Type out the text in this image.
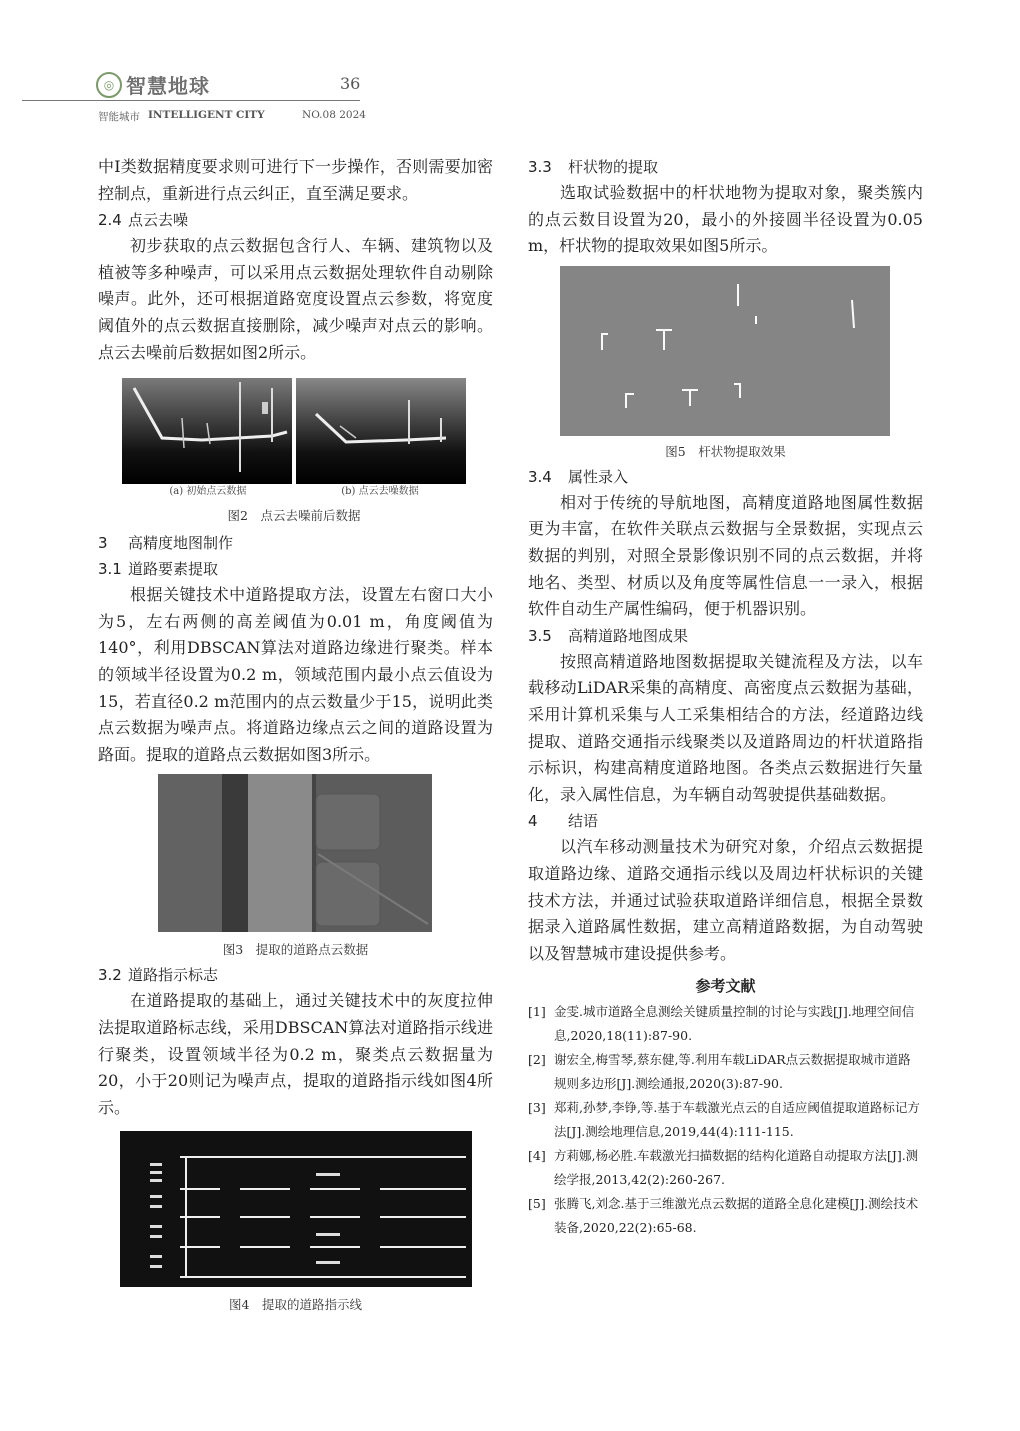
◎ 智慧地球	36
智能城市 INTELLIGENT CITY	NO.08 2024

中Ⅰ类数据精度要求则可进行下一步操作，否则需要加密控制点，重新进行点云纠正，直至满足要求。

2.4 点云去噪

初步获取的点云数据包含行人、车辆、建筑物以及植被等多种噪声，可以采用点云数据处理软件自动剔除噪声。此外，还可根据道路宽度设置点云参数，将宽度阈值外的点云数据直接删除，减少噪声对点云的影响。点云去噪前后数据如图2所示。

(a) 初始点云数据	(b) 点云去噪数据
图2　点云去噪前后数据
3 高精度地图制作
3.1 道路要素提取

根据关键技术中道路提取方法，设置左右窗口大小为5，左右两侧的高差阈值为0.01 m，角度阈值为140°，利用DBSCAN算法对道路边缘进行聚类。样本的领域半径设置为0.2 m，领域范围内最小点云值设为15，若直径0.2 m范围内的点云数量少于15，说明此类点云数据为噪声点。将道路边缘点云之间的道路设置为路面。提取的道路点云数据如图3所示。

图3　提取的道路点云数据
3.2 道路指示标志

在道路提取的基础上，通过关键技术中的灰度拉伸法提取道路标志线，采用DBSCAN算法对道路指示线进行聚类，设置领域半径为0.2 m，聚类点云数据量为20，小于20则记为噪声点，提取的道路指示线如图4所示。

图4　提取的道路指示线
3.3 杆状物的提取

选取试验数据中的杆状地物为提取对象，聚类簇内的点云数目设置为20，最小的外接圆半径设置为0.05 m，杆状物的提取效果如图5所示。

图5　杆状物提取效果
3.4 属性录入

相对于传统的导航地图，高精度道路地图属性数据更为丰富，在软件关联点云数据与全景数据，实现点云数据的判别，对照全景影像识别不同的点云数据，并将地名、类型、材质以及角度等属性信息一一录入，根据软件自动生产属性编码，便于机器识别。

3.5 高精道路地图成果

按照高精道路地图数据提取关键流程及方法，以车载移动LiDAR采集的高精度、高密度点云数据为基础，采用计算机采集与人工采集相结合的方法，经道路边线提取、道路交通指示线聚类以及道路周边的杆状道路指示标识，构建高精度道路地图。各类点云数据进行矢量化，录入属性信息，为车辆自动驾驶提供基础数据。

4 结语

以汽车移动测量技术为研究对象，介绍点云数据提取道路边缘、道路交通指示线以及周边杆状标识的关键技术方法，并通过试验获取道路详细信息，根据全景数据录入道路属性数据，建立高精道路数据，为自动驾驶以及智慧城市建设提供参考。

参考文献
[1] 金雯.城市道路全息测绘关键质量控制的讨论与实践[J].地理空间信息,2020,18(11):87-90.
[2] 谢宏全,梅雪琴,蔡东健,等.利用车载LiDAR点云数据提取城市道路规则多边形[J].测绘通报,2020(3):87-90.
[3] 郑莉,孙梦,李铮,等.基于车载激光点云的自适应阈值提取道路标记方法[J].测绘地理信息,2019,44(4):111-115.
[4] 方莉娜,杨必胜.车载激光扫描数据的结构化道路自动提取方法[J].测绘学报,2013,42(2):260-267.
[5] 张腾飞,刘念.基于三维激光点云数据的道路全息化建模[J].测绘技术装备,2020,22(2):65-68.
